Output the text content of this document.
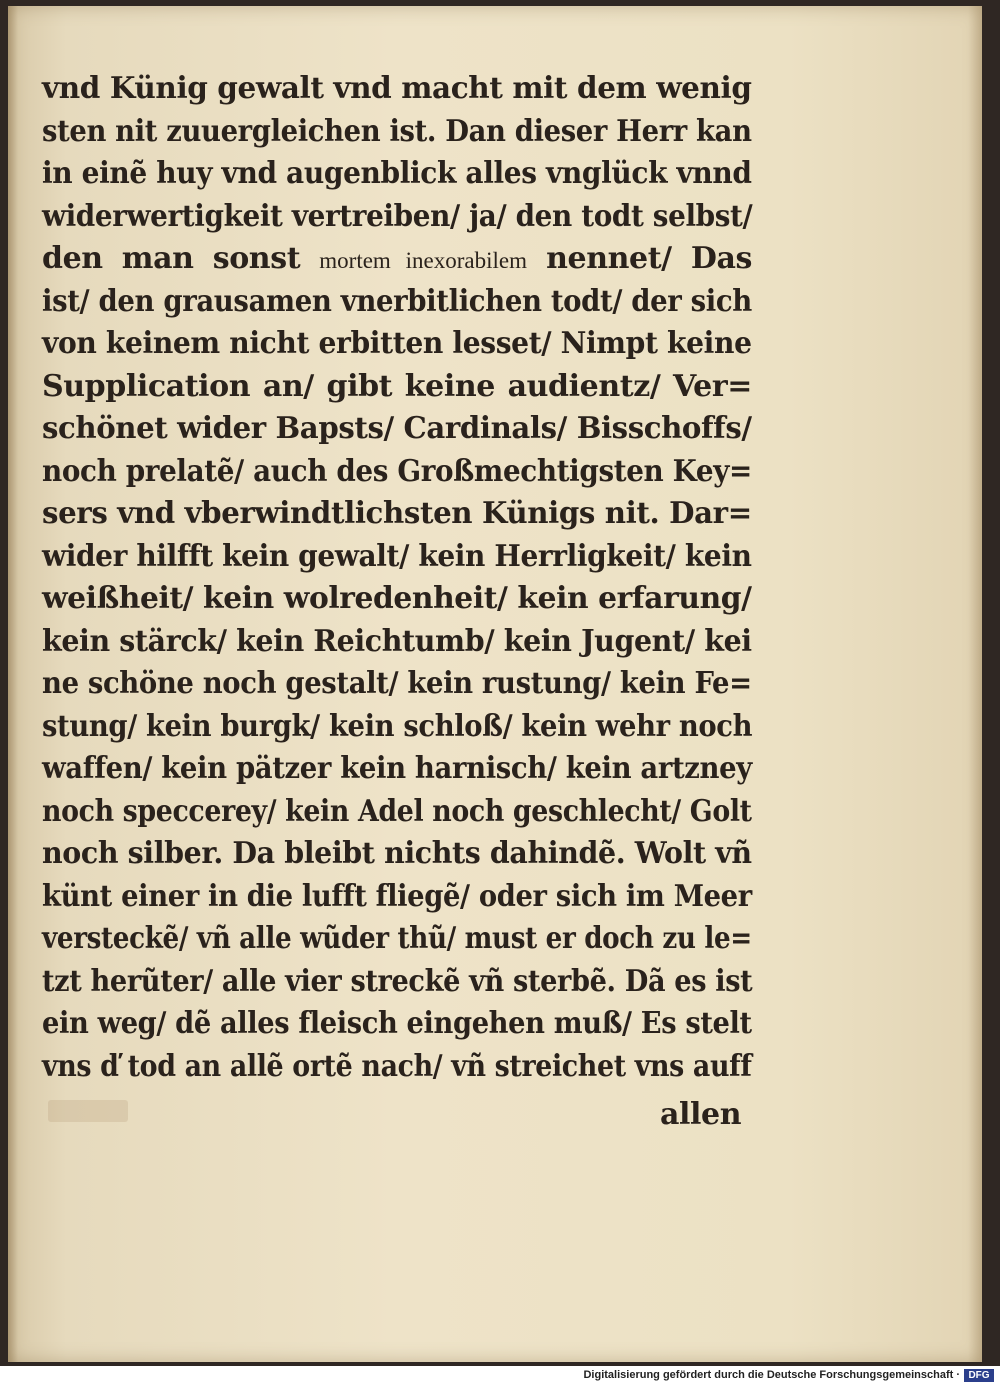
vnd Künig gewalt vnd macht mit dem wenig
sten nit zuuergleichen ist. Dan dieser Herr kan
in einẽ huy vnd augenblick alles vnglück vnnd
widerwertigkeit vertreiben/ ja/ den todt selbst/
den man sonst mortem inexorabilem nennet/ Das
ist/ den grausamen vnerbitlichen todt/ der sich
von keinem nicht erbitten lesset/ Nimpt keine
Supplication an/ gibt keine audientz/ Ver=
schönet wider Bapsts/ Cardinals/ Bisschoffs/
noch prelatẽ/ auch des Großmechtigsten Key=
sers vnd vberwindtlichsten Künigs nit. Dar=
wider hilfft kein gewalt/ kein Herrligkeit/ kein
weißheit/ kein wolredenheit/ kein erfarung/
kein stärck/ kein Reichtumb/ kein Jugent/ kei
ne schöne noch gestalt/ kein rustung/ kein Fe=
stung/ kein burgk/ kein schloß/ kein wehr noch
waffen/ kein pätzer kein harnisch/ kein artzney
noch speccerey/ kein Adel noch geschlecht/ Golt
noch silber. Da bleibt nichts dahindẽ. Wolt vñ
künt einer in die lufft fliegẽ/ oder sich im Meer
versteckẽ/ vñ alle wũder thũ/ must er doch zu le=
tzt herũter/ alle vier streckẽ vñ sterbẽ. Dã es ist
ein weg/ dẽ alles fleisch eingehen muß/ Es stelt
vns ď tod an allẽ ortẽ nach/ vñ streichet vns auff
allen
Digitalisierung gefördert durch die Deutsche Forschungsgemeinschaft · DFG
